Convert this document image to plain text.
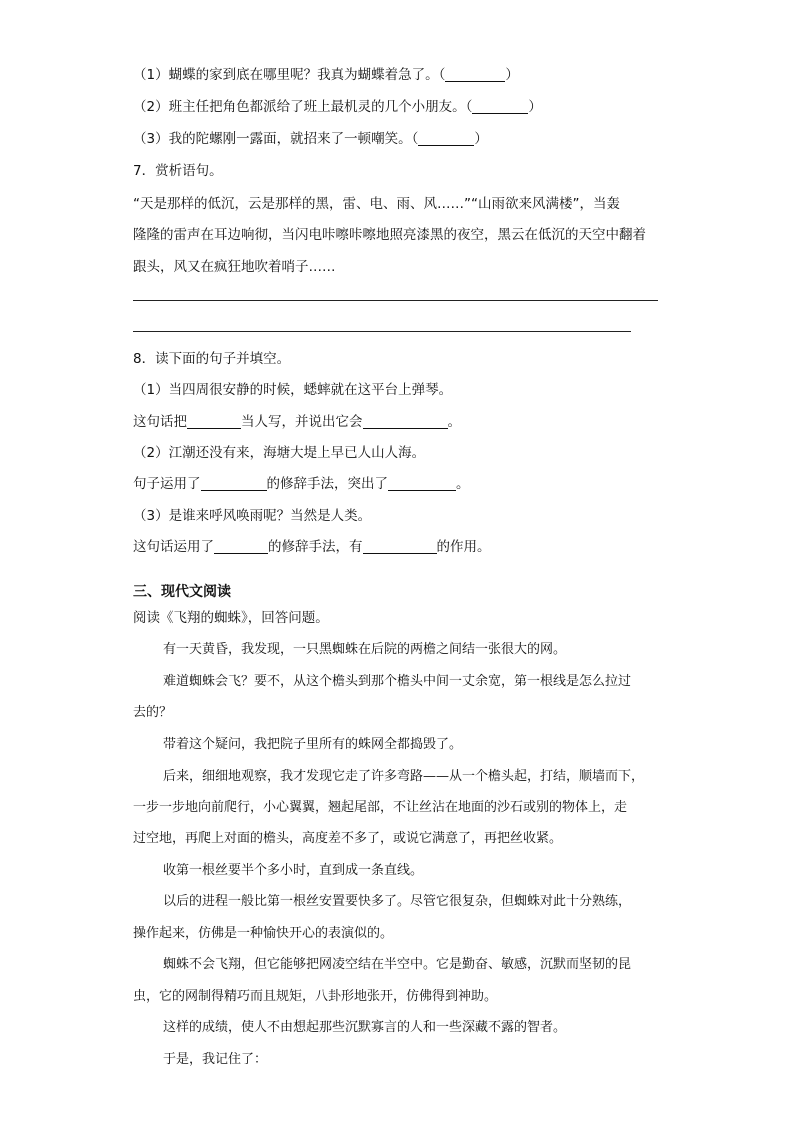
（1）蝴蝶的家到底在哪里呢？我真为蝴蝶着急了。（	）

（2）班主任把角色都派给了班上最机灵的几个小朋友。（	）

（3）我的陀螺刚一露面，就招来了一顿嘲笑。（	）

7．赏析语句。

“天是那样的低沉，云是那样的黑，雷、电、雨、风……”“山雨欲来风满楼”，当轰

隆隆的雷声在耳边响彻，当闪电咔嚓咔嚓地照亮漆黑的夜空，黑云在低沉的天空中翻着

跟头，风又在疯狂地吹着哨子……

8．读下面的句子并填空。

（1）当四周很安静的时候，蟋蟀就在这平台上弹琴。

这句话把	当人写，并说出它会	。

（2）江潮还没有来，海塘大堤上早已人山人海。

句子运用了	的修辞手法，突出了	。

（3）是谁来呼风唤雨呢？当然是人类。

这句话运用了	的修辞手法，有	的作用。

三、现代文阅读

阅读《飞翔的蜘蛛》，回答问题。

有一天黄昏，我发现，一只黑蜘蛛在后院的两檐之间结一张很大的网。

难道蜘蛛会飞？要不，从这个檐头到那个檐头中间一丈余宽，第一根线是怎么拉过

去的？

带着这个疑问，我把院子里所有的蛛网全都捣毁了。

后来，细细地观察，我才发现它走了许多弯路——从一个檐头起，打结，顺墙而下，

一步一步地向前爬行，小心翼翼，翘起尾部，不让丝沾在地面的沙石或别的物体上，走

过空地，再爬上对面的檐头，高度差不多了，或说它满意了，再把丝收紧。

收第一根丝要半个多小时，直到成一条直线。

以后的进程一般比第一根丝安置要快多了。尽管它很复杂，但蜘蛛对此十分熟练，

操作起来，仿佛是一种愉快开心的表演似的。

蜘蛛不会飞翔，但它能够把网凌空结在半空中。它是勤奋、敏感，沉默而坚韧的昆

虫，它的网制得精巧而且规矩，八卦形地张开，仿佛得到神助。

这样的成绩，使人不由想起那些沉默寡言的人和一些深藏不露的智者。

于是，我记住了：
